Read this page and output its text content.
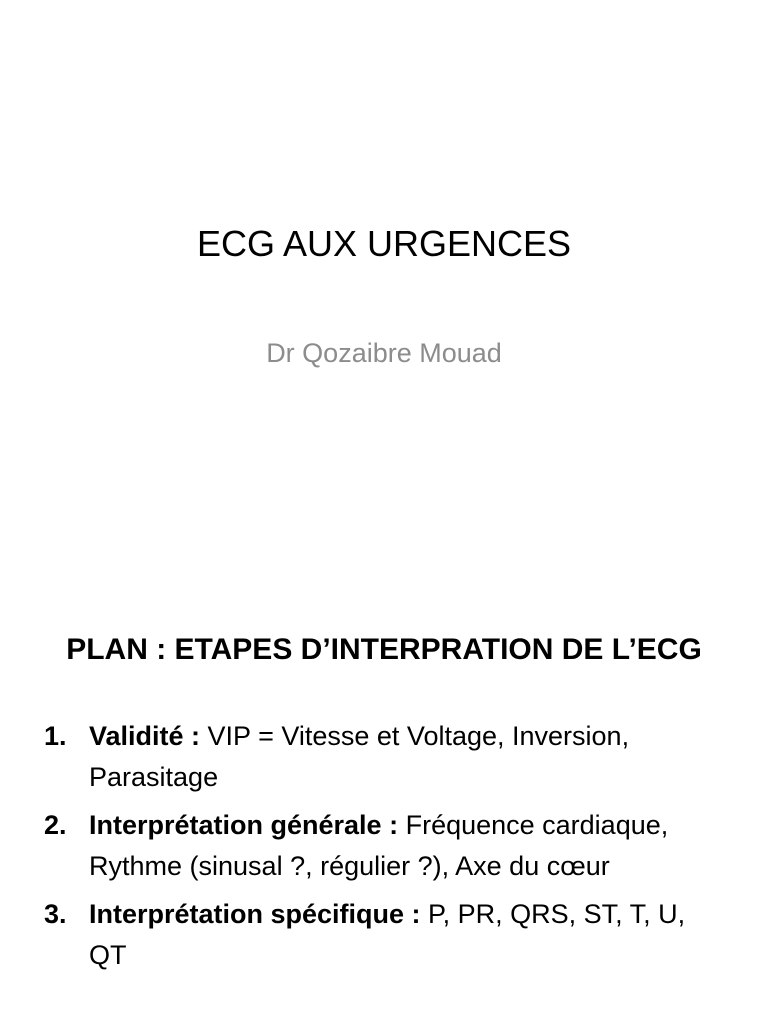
ECG AUX URGENCES

Dr Qozaibre Mouad

PLAN : ETAPES D’INTERPRATION DE L’ECG
1. Validité : VIP = Vitesse et Voltage, Inversion, Parasitage
2. Interprétation générale : Fréquence cardiaque, Rythme (sinusal ?, régulier ?), Axe du cœur
3. Interprétation spécifique : P, PR, QRS, ST, T, U, QT
